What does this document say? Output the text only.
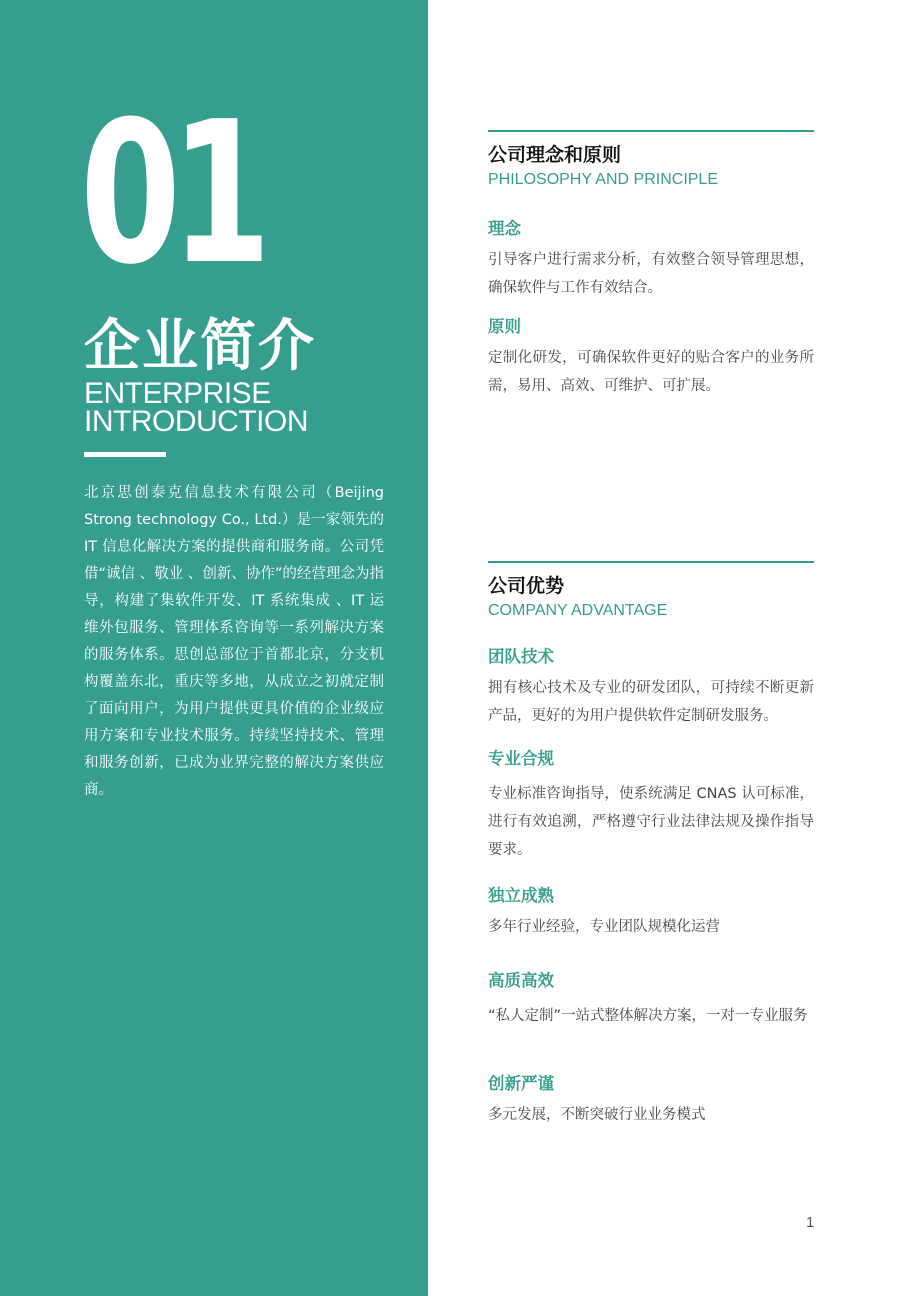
01
企业简介
ENTERPRISE
INTRODUCTION
北京思创泰克信息技术有限公司（Beijing Strong technology Co., Ltd.）是一家领先的 IT 信息化解决方案的提供商和服务商。公司凭借“诚信 、敬业 、创新、协作”的经营理念为指导，构建了集软件开发、IT 系统集成 、IT 运维外包服务、管理体系咨询等一系列解决方案的服务体系。思创总部位于首都北京，分支机构覆盖东北，重庆等多地，从成立之初就定制了面向用户，为用户提供更具价值的企业级应用方案和专业技术服务。持续坚持技术、管理和服务创新，已成为业界完整的解决方案供应商。
公司理念和原则
PHILOSOPHY AND PRINCIPLE
理念
引导客户进行需求分析，有效整合领导管理思想，确保软件与工作有效结合。
原则
定制化研发，可确保软件更好的贴合客户的业务所需，易用、高效、可维护、可扩展。
公司优势
COMPANY ADVANTAGE
团队技术
拥有核心技术及专业的研发团队，可持续不断更新产品，更好的为用户提供软件定制研发服务。
专业合规
专业标准咨询指导，使系统满足 CNAS 认可标准，进行有效追溯，严格遵守行业法律法规及操作指导要求。
独立成熟
多年行业经验，专业团队规模化运营
高质高效
“私人定制”一站式整体解决方案，一对一专业服务
创新严谨
多元发展，不断突破行业业务模式
1
